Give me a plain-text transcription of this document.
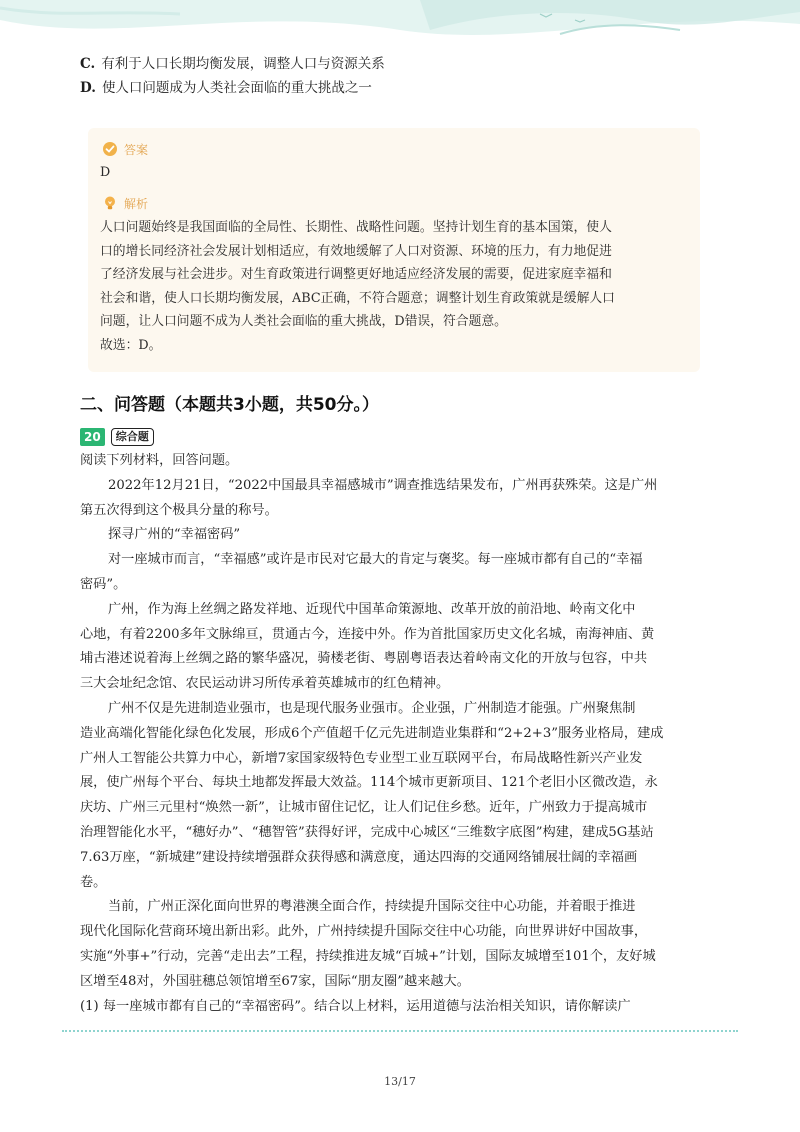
C. 有利于人口长期均衡发展，调整人口与资源关系
D. 使人口问题成为人类社会面临的重大挑战之一
答案
D
解析
人口问题始终是我国面临的全局性、长期性、战略性问题。坚持计划生育的基本国策，使人
口的增长同经济社会发展计划相适应，有效地缓解了人口对资源、环境的压力，有力地促进
了经济发展与社会进步。对生育政策进行调整更好地适应经济发展的需要，促进家庭幸福和
社会和谐，使人口长期均衡发展，ABC正确，不符合题意；调整计划生育政策就是缓解人口
问题，让人口问题不成为人类社会面临的重大挑战，D错误，符合题意。
故选：D。
二、问答题（本题共3小题，共50分。）
20	综合题
阅读下列材料，回答问题。
2022年12月21日，“2022中国最具幸福感城市”调查推选结果发布，广州再获殊荣。这是广州
第五次得到这个极具分量的称号。
探寻广州的“幸福密码”
对一座城市而言，“幸福感”或许是市民对它最大的肯定与褒奖。每一座城市都有自己的“幸福
密码”。
广州，作为海上丝绸之路发祥地、近现代中国革命策源地、改革开放的前沿地、岭南文化中
心地，有着2200多年文脉绵亘，贯通古今，连接中外。作为首批国家历史文化名城，南海神庙、黄
埔古港述说着海上丝绸之路的繁华盛况，骑楼老街、粤剧粤语表达着岭南文化的开放与包容，中共
三大会址纪念馆、农民运动讲习所传承着英雄城市的红色精神。
广州不仅是先进制造业强市，也是现代服务业强市。企业强，广州制造才能强。广州聚焦制
造业高端化智能化绿色化发展，形成6个产值超千亿元先进制造业集群和“2+2+3”服务业格局，建成
广州人工智能公共算力中心，新增7家国家级特色专业型工业互联网平台，布局战略性新兴产业发
展，使广州每个平台、每块土地都发挥最大效益。114个城市更新项目、121个老旧小区微改造，永
庆坊、广州三元里村“焕然一新”，让城市留住记忆，让人们记住乡愁。近年，广州致力于提高城市
治理智能化水平，“穗好办”、“穗智管”获得好评，完成中心城区“三维数字底图”构建，建成5G基站
7.63万座，“新城建”建设持续增强群众获得感和满意度，通达四海的交通网络铺展壮阔的幸福画
卷。
当前，广州正深化面向世界的粤港澳全面合作，持续提升国际交往中心功能，并着眼于推进
现代化国际化营商环境出新出彩。此外，广州持续提升国际交往中心功能，向世界讲好中国故事，
实施“外事+”行动，完善“走出去”工程，持续推进友城“百城+”计划，国际友城增至101个，友好城
区增至48对，外国驻穗总领馆增至67家，国际“朋友圈”越来越大。
(1) 每一座城市都有自己的“幸福密码”。结合以上材料，运用道德与法治相关知识，请你解读广
13/17
